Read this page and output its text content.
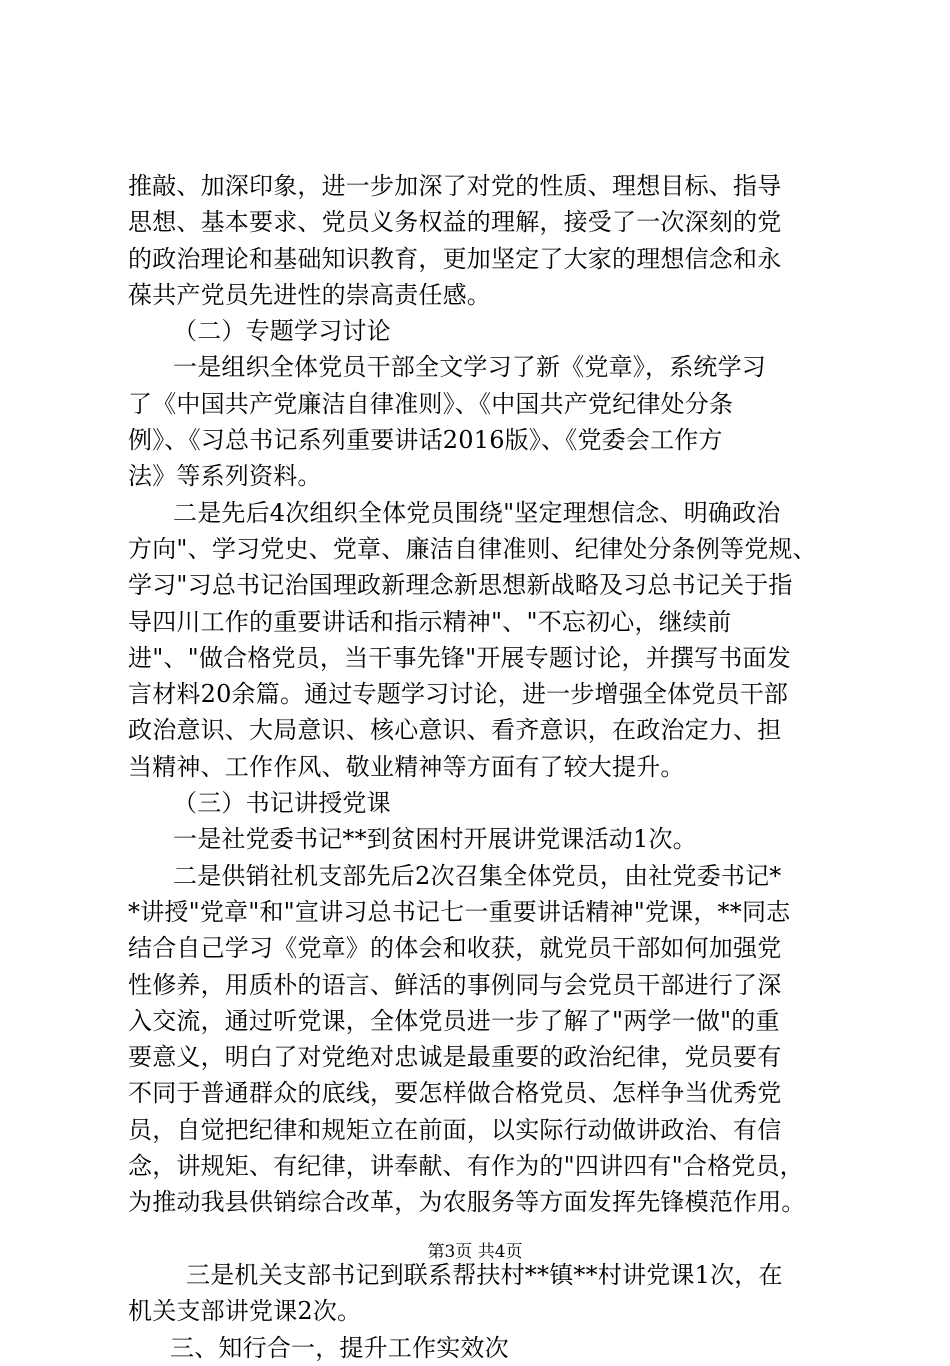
推敲、加深印象，进一步加深了对党的性质、理想目标、指导
思想、基本要求、党员义务权益的理解，接受了一次深刻的党
的政治理论和基础知识教育，更加坚定了大家的理想信念和永
葆共产党员先进性的崇高责任感。
（二）专题学习讨论
一是组织全体党员干部全文学习了新《党章》，系统学习
了《中国共产党廉洁自律准则》、《中国共产党纪律处分条
例》、《习总书记系列重要讲话2016版》、《党委会工作方
法》等系列资料。
二是先后4次组织全体党员围绕"坚定理想信念、明确政治
方向"、学习党史、党章、廉洁自律准则、纪律处分条例等党规、
学习"习总书记治国理政新理念新思想新战略及习总书记关于指
导四川工作的重要讲话和指示精神"、"不忘初心，继续前
进"、"做合格党员，当干事先锋"开展专题讨论，并撰写书面发
言材料20余篇。通过专题学习讨论，进一步增强全体党员干部
政治意识、大局意识、核心意识、看齐意识，在政治定力、担
当精神、工作作风、敬业精神等方面有了较大提升。
（三）书记讲授党课
一是社党委书记**到贫困村开展讲党课活动1次。
二是供销社机支部先后2次召集全体党员，由社党委书记*
*讲授"党章"和"宣讲习总书记七一重要讲话精神"党课，**同志
结合自己学习《党章》的体会和收获，就党员干部如何加强党
性修养，用质朴的语言、鲜活的事例同与会党员干部进行了深
入交流，通过听党课，全体党员进一步了解了"两学一做"的重
要意义，明白了对党绝对忠诚是最重要的政治纪律，党员要有
不同于普通群众的底线，要怎样做合格党员、怎样争当优秀党
员，自觉把纪律和规矩立在前面，以实际行动做讲政治、有信
念，讲规矩、有纪律，讲奉献、有作为的"四讲四有"合格党员，
为推动我县供销综合改革，为农服务等方面发挥先锋模范作用。
三是机关支部书记到联系帮扶村**镇**村讲党课1次，在
机关支部讲党课2次。
三、知行合一，提升工作实效次
第3页 共4页
